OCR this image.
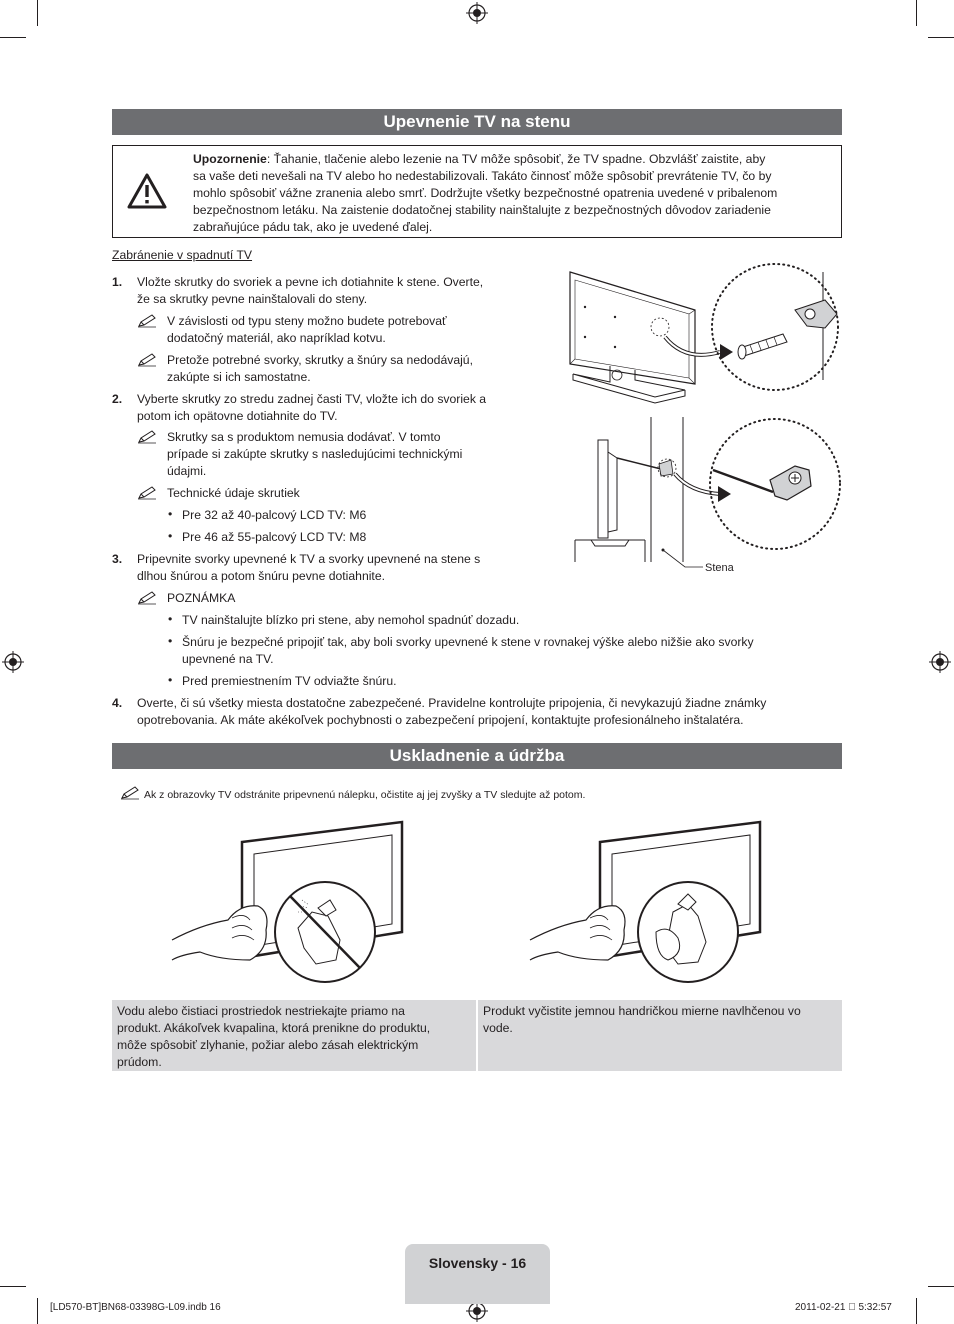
Upevnenie TV na stenu
Upozornenie: Ťahanie, tlačenie alebo lezenie na TV môže spôsobiť, že TV spadne. Obzvlášť zaistite, aby
sa vaše deti nevešali na TV alebo ho nedestabilizovali. Takáto činnosť môže spôsobiť prevrátenie TV, čo by
mohlo spôsobiť vážne zranenia alebo smrť. Dodržujte všetky bezpečnostné opatrenia uvedené v pribalenom
bezpečnostnom letáku. Na zaistenie dodatočnej stability nainštalujte z bezpečnostných dôvodov zariadenie
zabraňujúce pádu tak, ako je uvedené ďalej.
Zabránenie v spadnutí TV
1. Vložte skrutky do svoriek a pevne ich dotiahnite k stene. Overte,
že sa skrutky pevne nainštalovali do steny.
V závislosti od typu steny možno budete potrebovať
dodatočný materiál, ako napríklad kotvu.
Pretože potrebné svorky, skrutky a šnúry sa nedodávajú,
zakúpte si ich samostatne.
2. Vyberte skrutky zo stredu zadnej časti TV, vložte ich do svoriek a
potom ich opätovne dotiahnite do TV.
Skrutky sa s produktom nemusia dodávať. V tomto
prípade si zakúpte skrutky s nasledujúcimi technickými
údajmi.
Technické údaje skrutiek
• Pre 32 až 40-palcový LCD TV: M6
• Pre 46 až 55-palcový LCD TV: M8
3. Pripevnite svorky upevnené k TV a svorky upevnené na stene s
dlhou šnúrou a potom šnúru pevne dotiahnite.
POZNÁMKA
• TV nainštalujte blízko pri stene, aby nemohol spadnúť dozadu.
• Šnúru je bezpečné pripojiť tak, aby boli svorky upevnené k stene v rovnakej výške alebo nižšie ako svorky
upevnené na TV.
• Pred premiestnením TV odviažte šnúru.
4. Overte, či sú všetky miesta dostatočne zabezpečené. Pravidelne kontrolujte pripojenia, či nevykazujú žiadne známky
opotrebovania. Ak máte akékoľvek pochybnosti o zabezpečení pripojení, kontaktujte profesionálneho inštalatéra.
Stena
Uskladnenie a údržba
Ak z obrazovky TV odstránite pripevnenú nálepku, očistite aj jej zvyšky a TV sledujte až potom.
Vodu alebo čistiaci prostriedok nestriekajte priamo na
produkt. Akákoľvek kvapalina, ktorá prenikne do produktu,
môže spôsobiť zlyhanie, požiar alebo zásah elektrickým
prúdom.
Produkt vyčistite jemnou handričkou mierne navlhčenou vo
vode.
Slovensky - 16
[LD570-BT]BN68-03398G-L09.indb 16	2011-02-21   5:32:57
